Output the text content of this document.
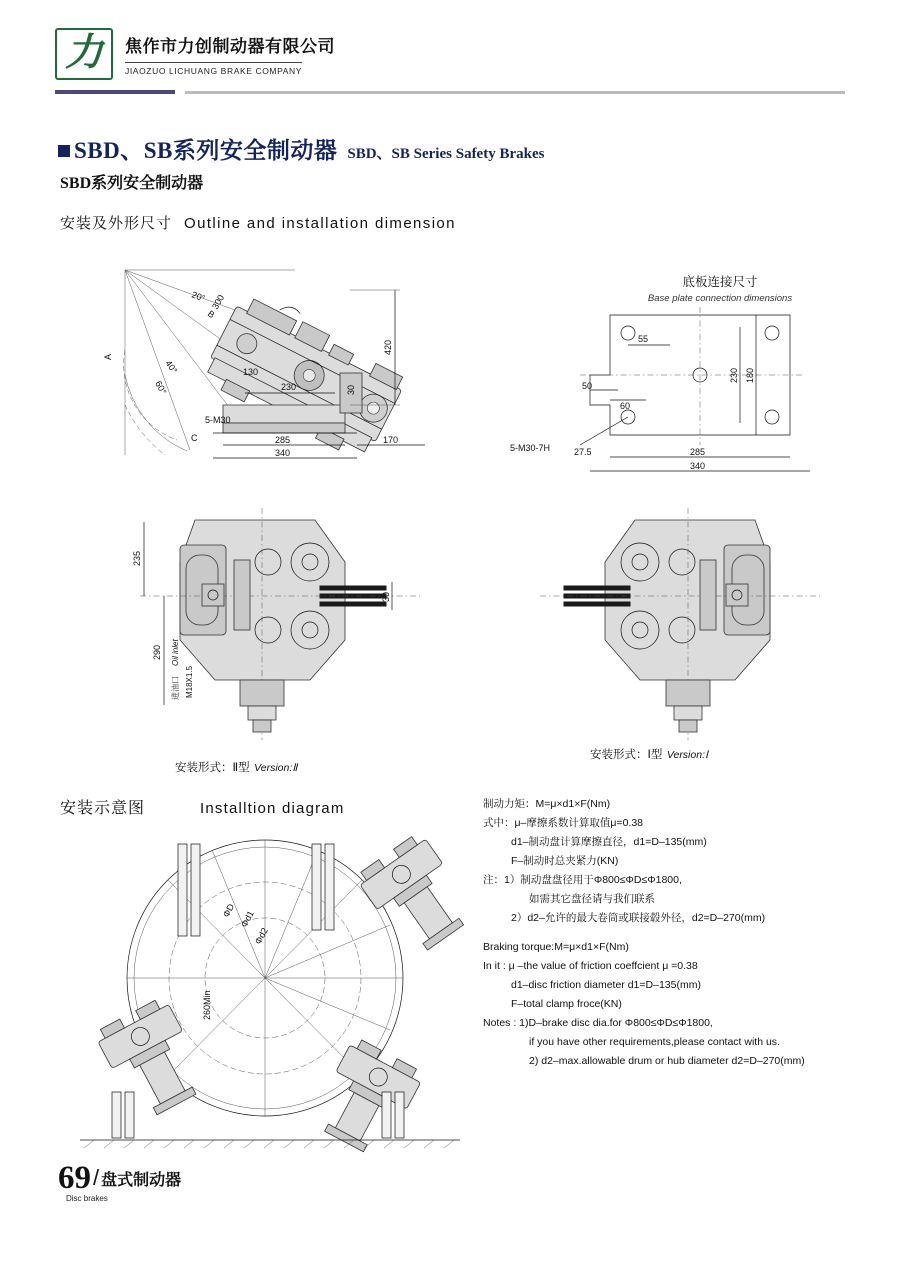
力 焦作市力创制动器有限公司
JIAOZUO LICHUANG BRAKE COMPANY
SBD、SB系列安全制动器 SBD、SB Series Safety Brakes
SBD系列安全制动器
安装及外形尺寸 Outline and installation dimension
20°
40°
60°
A
B
C
300
230
285
340
170
130
30
5-M30
420
底板连接尺寸
Base plate connection dimensions
55
50
60
230 180
285
340
27.5
5-M30-7H
235
290
30
进油口
Oil inlet
M18X1.5
安装形式：Ⅱ型 Version:Ⅱ
安装形式：Ⅰ型 Version:Ⅰ
安装示意图	Installtion diagram
ΦD Φd1
Φd2
260Min
制动力矩：M=μ×d1×F(Nm)
式中：μ–摩擦系数计算取值μ=0.38
d1–制动盘计算摩擦直径，d1=D–135(mm)
F–制动时总夹紧力(KN)
注：1）制动盘盘径用于Φ800≤ΦD≤Φ1800,
如需其它盘径请与我们联系
2）d2–允许的最大卷筒或联接毂外径，d2=D–270(mm)
Braking torque:M=μ×d1×F(Nm)
In it : μ –the value of friction coeffcient μ =0.38
d1–disc friction diameter d1=D–135(mm)
F–total clamp froce(KN)
Notes : 1)D–brake disc dia.for Φ800≤ΦD≤Φ1800,
if you have other requirements,please contact with us.
2) d2–max.allowable drum or hub diameter d2=D–270(mm)
69/ 盘式制动器
Disc brakes
